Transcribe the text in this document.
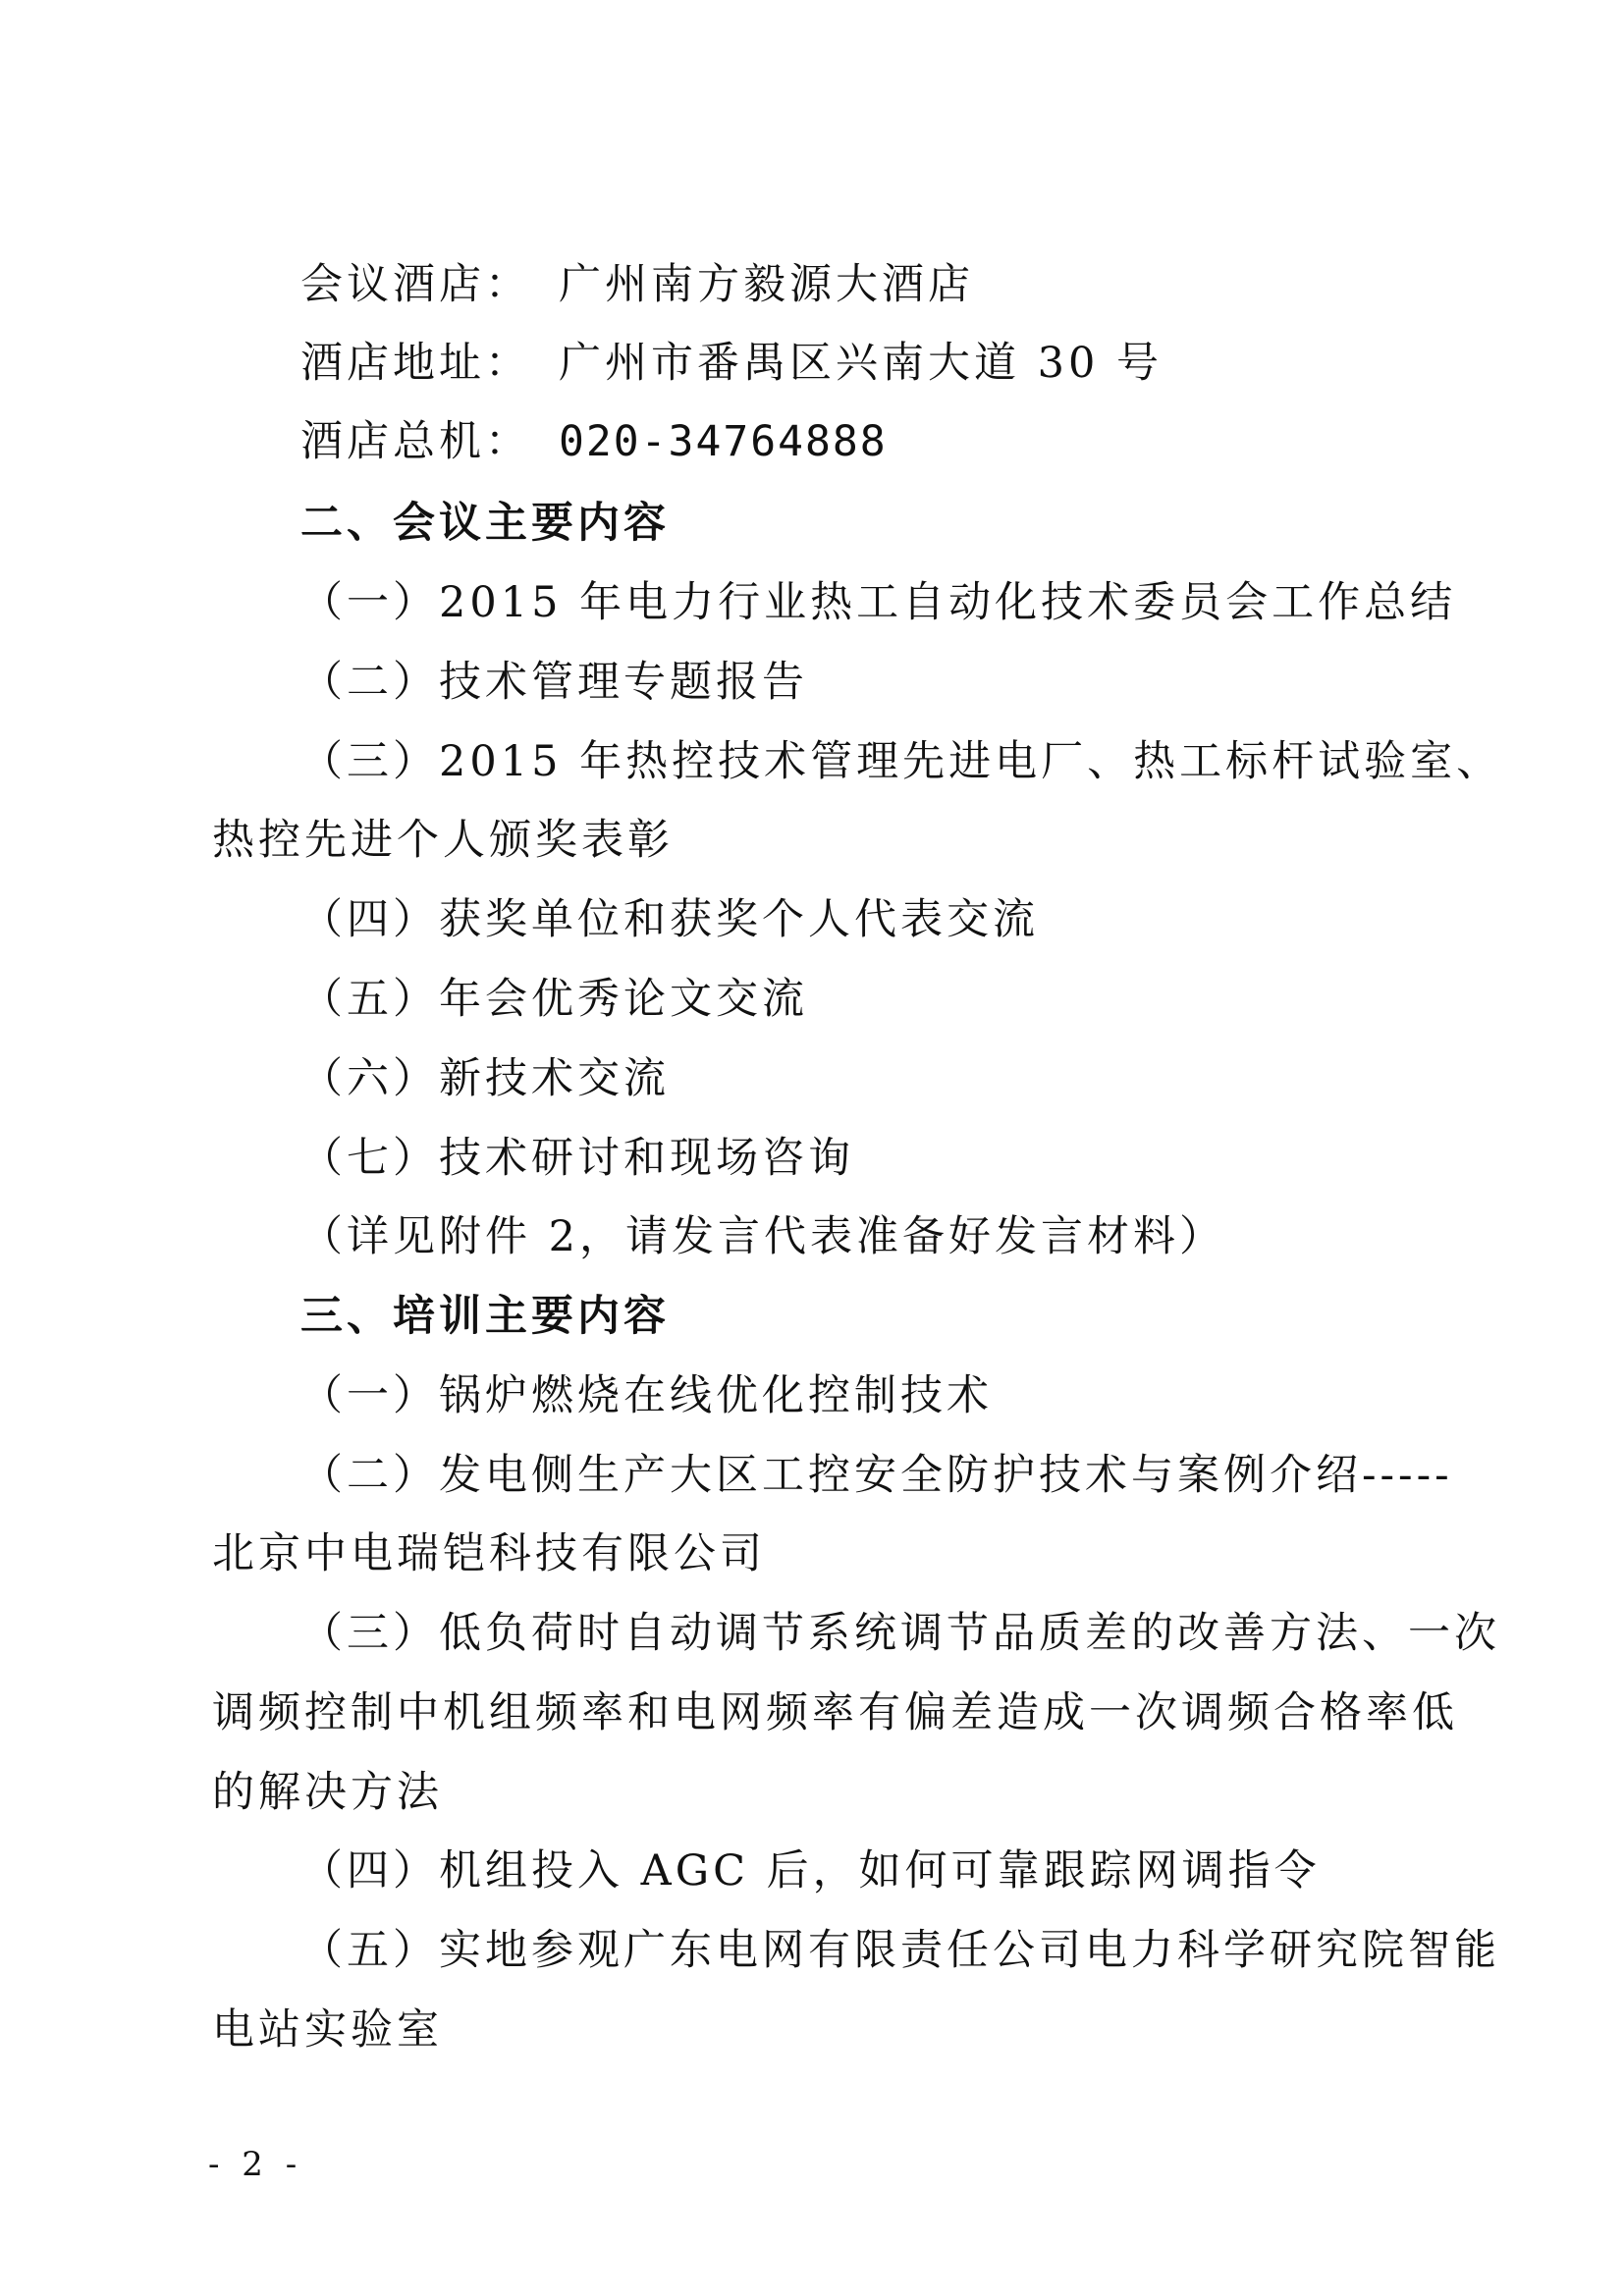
会议酒店： 广州南方毅源大酒店
酒店地址： 广州市番禺区兴南大道 30 号
酒店总机： 020-34764888
二、会议主要内容
（一）2015 年电力行业热工自动化技术委员会工作总结
（二）技术管理专题报告
（三）2015 年热控技术管理先进电厂、热工标杆试验室、
热控先进个人颁奖表彰
（四）获奖单位和获奖个人代表交流
（五）年会优秀论文交流
（六）新技术交流
（七）技术研讨和现场咨询
（详见附件 2，请发言代表准备好发言材料）
三、培训主要内容
（一）锅炉燃烧在线优化控制技术
（二）发电侧生产大区工控安全防护技术与案例介绍-----
北京中电瑞铠科技有限公司
（三）低负荷时自动调节系统调节品质差的改善方法、一次
调频控制中机组频率和电网频率有偏差造成一次调频合格率低
的解决方法
（四）机组投入 AGC 后，如何可靠跟踪网调指令
（五）实地参观广东电网有限责任公司电力科学研究院智能
电站实验室
- 2 -
